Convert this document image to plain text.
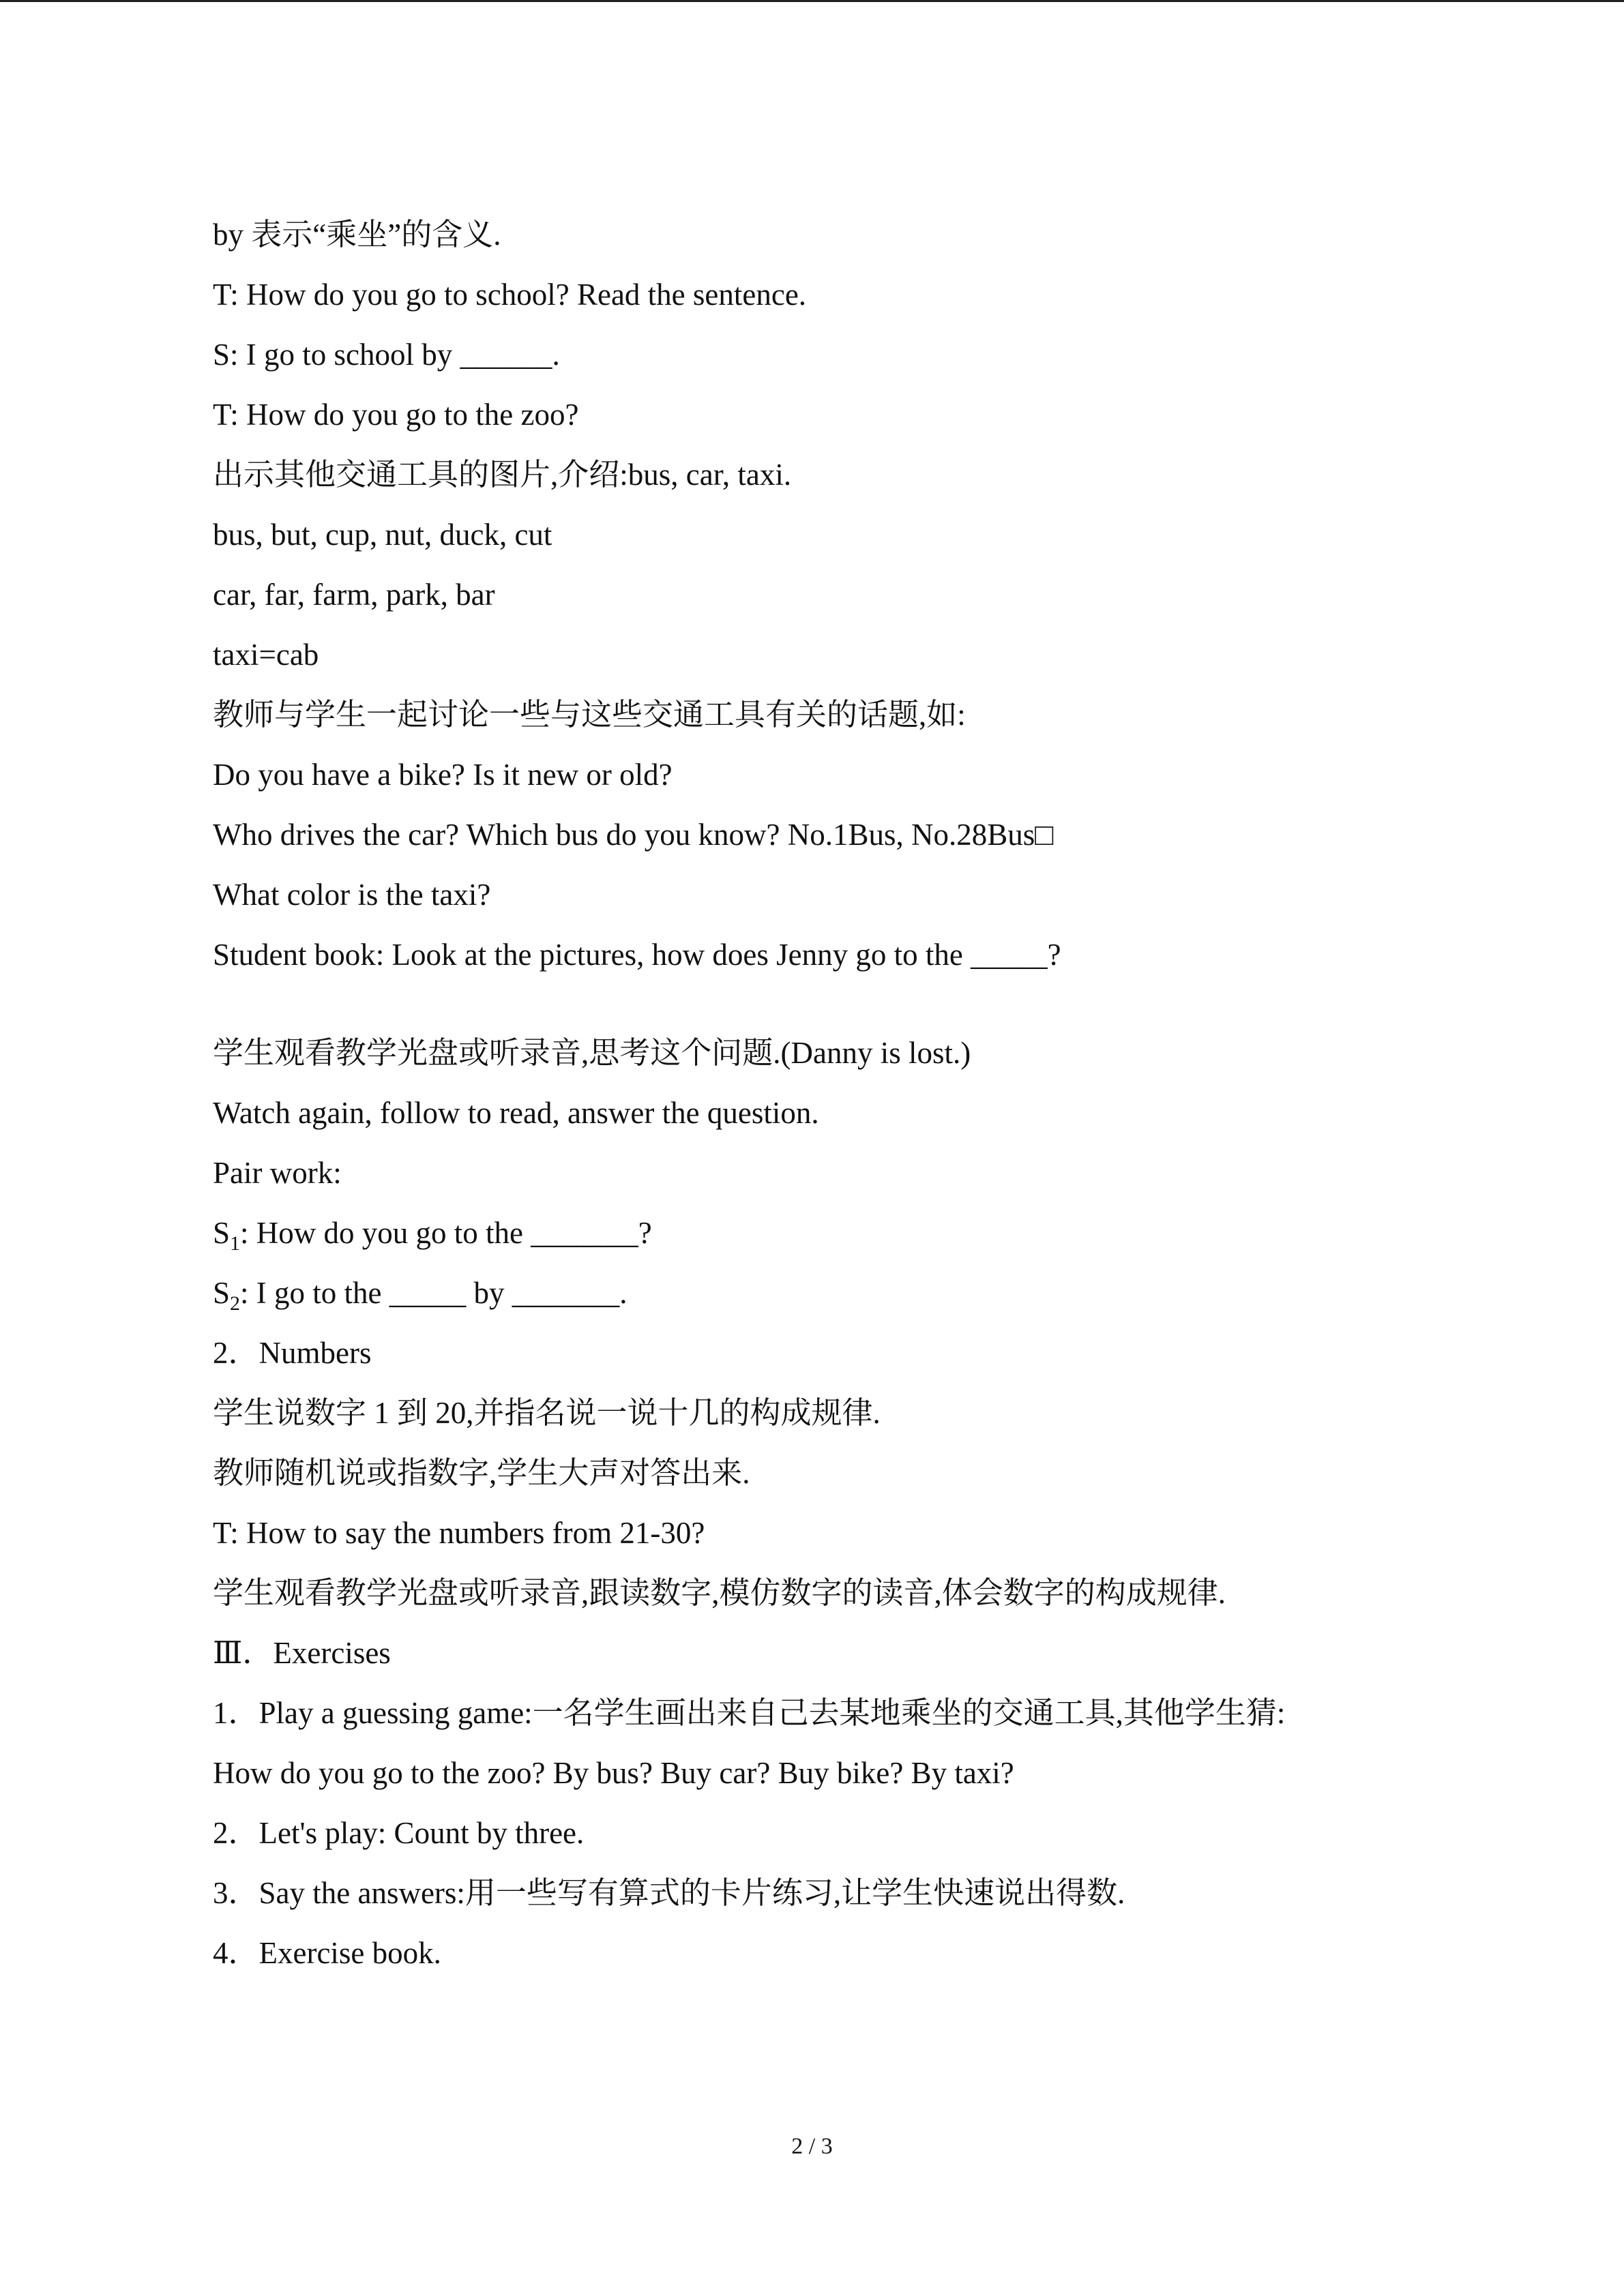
by 表示“乘坐”的含义.
T: How do you go to school? Read the sentence.
S: I go to school by ______.
T: How do you go to the zoo?
出示其他交通工具的图片,介绍:bus, car, taxi.
bus, but, cup, nut, duck, cut
car, far, farm, park, bar
taxi=cab
教师与学生一起讨论一些与这些交通工具有关的话题,如:
Do you have a bike? Is it new or old?
Who drives the car? Which bus do you know? No.1Bus, No.28Bus□
What color is the taxi?
Student book: Look at the pictures, how does Jenny go to the _____?
学生观看教学光盘或听录音,思考这个问题.(Danny is lost.)
Watch again, follow to read, answer the question.
Pair work:
$S_1$: How do you go to the _______?
$S_2$: I go to the _____ by _______.
2．Numbers
学生说数字 1 到 20,并指名说一说十几的构成规律.
教师随机说或指数字,学生大声对答出来.
T: How to say the numbers from 21-30?
学生观看教学光盘或听录音,跟读数字,模仿数字的读音,体会数字的构成规律.
Ⅲ．Exercises
1．Play a guessing game:一名学生画出来自己去某地乘坐的交通工具,其他学生猜:
How do you go to the zoo? By bus? Buy car? Buy bike? By taxi?
2．Let's play: Count by three.
3．Say the answers:用一些写有算式的卡片练习,让学生快速说出得数.
4．Exercise book.
2 / 3
